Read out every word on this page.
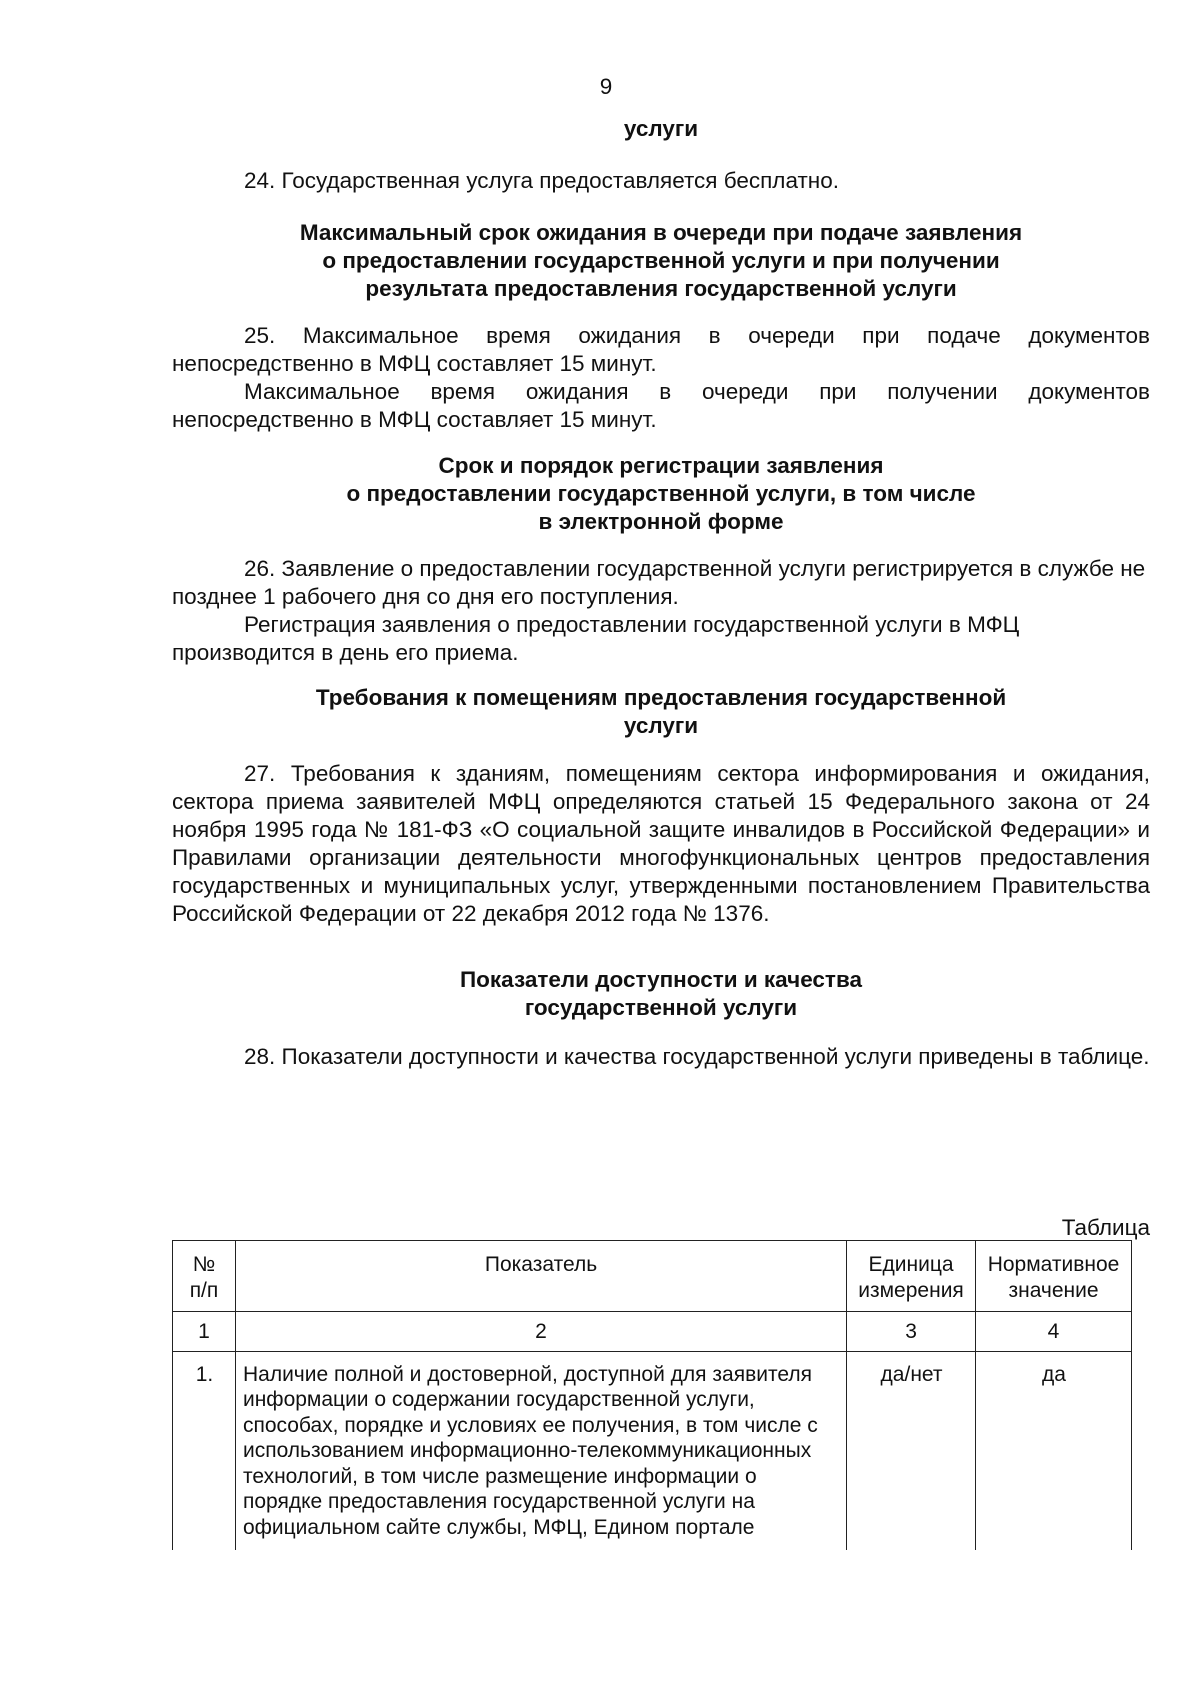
9

услуги

24. Государственная услуга предоставляется бесплатно.

Максимальный срок ожидания в очереди при подаче заявления
о предоставлении государственной услуги и при получении
результата предоставления государственной услуги

25. Максимальное время ожидания в очереди при подаче документов непосредственно в МФЦ составляет 15 минут.

Максимальное время ожидания в очереди при получении документов непосредственно в МФЦ составляет 15 минут.

Срок и порядок регистрации заявления
о предоставлении государственной услуги, в том числе
в электронной форме

26. Заявление о предоставлении государственной услуги регистрируется в службе не позднее 1 рабочего дня со дня его поступления.

Регистрация заявления о предоставлении государственной услуги в МФЦ производится в день его приема.

Требования к помещениям предоставления государственной
услуги

27. Требования к зданиям, помещениям сектора информирования и ожидания, сектора приема заявителей МФЦ определяются статьей 15 Федерального закона от 24 ноября 1995 года № 181-ФЗ «О социальной защите инвалидов в Российской Федерации» и Правилами организации деятельности многофункциональных центров предоставления государственных и муниципальных услуг, утвержденными постановлением Правительства Российской Федерации от 22 декабря 2012 года № 1376.

Показатели доступности и качества
государственной услуги

28. Показатели доступности и качества государственной услуги приведены в таблице.

Таблица
№ п/п	Показатель	Единица измерения	Нормативное значение
1	2	3	4
1.	Наличие полной и достоверной, доступной для заявителя информации о содержании государственной услуги, способах, порядке и условиях ее получения, в том числе с использованием информационно-телекоммуникационных технологий, в том числе размещение информации о порядке предоставления государственной услуги на официальном сайте службы, МФЦ, Едином портале	да/нет	да
